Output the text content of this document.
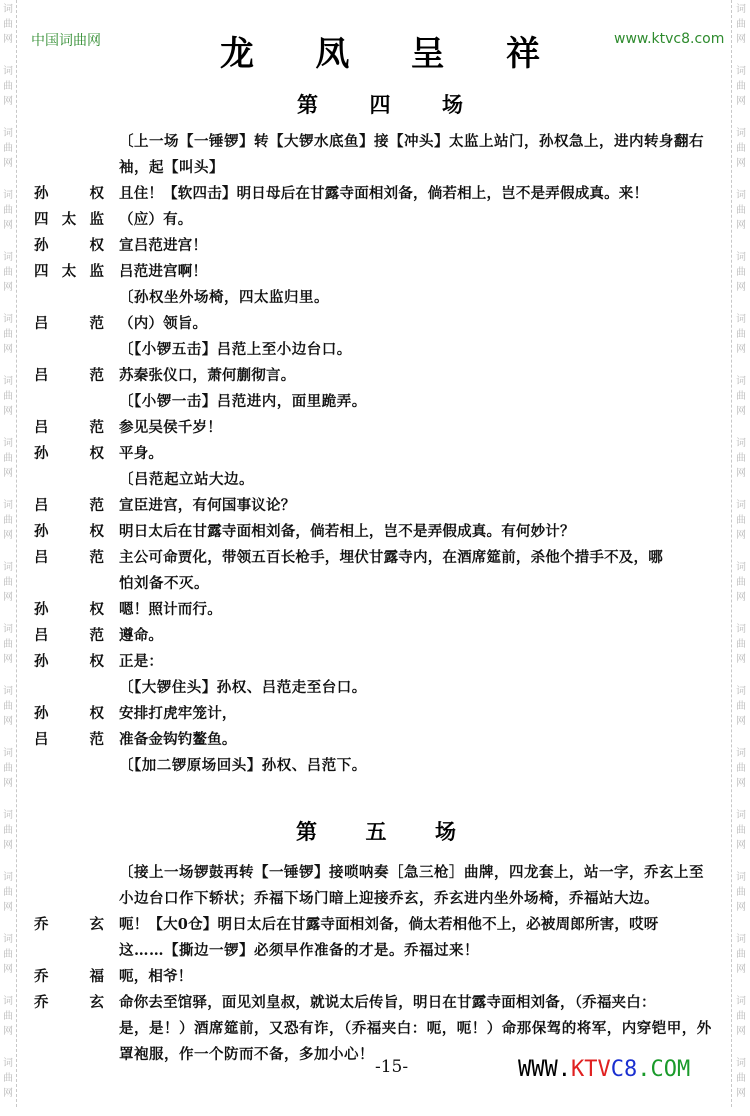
词
曲
网
词
曲
网
词
曲
网
词
曲
网
词
曲
网
词
曲
网
词
曲
网
词
曲
网
词
曲
网
词
曲
网
词
曲
网
词
曲
网
词
曲
网
词
曲
网
词
曲
网
词
曲
网
词
曲
网
词
曲
网
词
曲
网
词
曲
网
词
曲
网
词
曲
网
词
曲
网
词
曲
网
词
曲
网
词
曲
网
词
曲
网
词
曲
网
词
曲
网
词
曲
网
词
曲
网
词
曲
网
词
曲
网
词
曲
网
词
曲
网
词
曲
网
中国词曲网	www.ktvc8.com
龙 凤 呈 祥
第 四 场
〔上一场【一锤锣】转【大锣水底鱼】接【冲头】太监上站门，孙权急上，进内转身翻右
袖，起【叫头】
孙	权 且住！【软四击】明日母后在甘露寺面相刘备，倘若相上，岂不是弄假成真。来！
四 太 监 （应）有。
孙	权 宣吕范进宫！
四 太 监 吕范进宫啊！
〔孙权坐外场椅，四太监归里。
吕	范 （内）领旨。
〔【小锣五击】吕范上至小边台口。
吕	范 苏秦张仪口，萧何蒯彻言。
〔【小锣一击】吕范进内，面里跪弄。
吕	范 参见吴侯千岁！
孙	权 平身。
〔吕范起立站大边。
吕	范 宣臣进宫，有何国事议论？
孙	权 明日太后在甘露寺面相刘备，倘若相上，岂不是弄假成真。有何妙计？
吕	范 主公可命贾化，带领五百长枪手，埋伏甘露寺内，在酒席筵前，杀他个措手不及，哪
怕刘备不灭。
孙	权 嗯！照计而行。
吕	范 遵命。
孙	权 正是：
〔【大锣住头】孙权、吕范走至台口。
孙	权 安排打虎牢笼计，
吕	范 准备金钩钓鳌鱼。
〔【加二锣原场回头】孙权、吕范下。
第 五 场
〔接上一场锣鼓再转【一锤锣】接唢呐奏［急三枪］曲牌，四龙套上，站一字，乔玄上至
小边台口作下轿状；乔福下场门暗上迎接乔玄，乔玄进内坐外场椅，乔福站大边。
乔	玄 呃！【大0仓】明日太后在甘露寺面相刘备，倘太若相他不上，必被周郎所害，哎呀
这……【撕边一锣】必须早作准备的才是。乔福过来！
乔	福 呃，相爷！
乔	玄 命你去至馆驿，面见刘皇叔，就说太后传旨，明日在甘露寺面相刘备，（乔福夹白：
是，是！）酒席筵前，又恐有诈，（乔福夹白：呃，呃！）命那保驾的将军，内穿铠甲，外
罩袍服，作一个防而不备，多加小心！
-15-	WWW.KTVC8.COM
